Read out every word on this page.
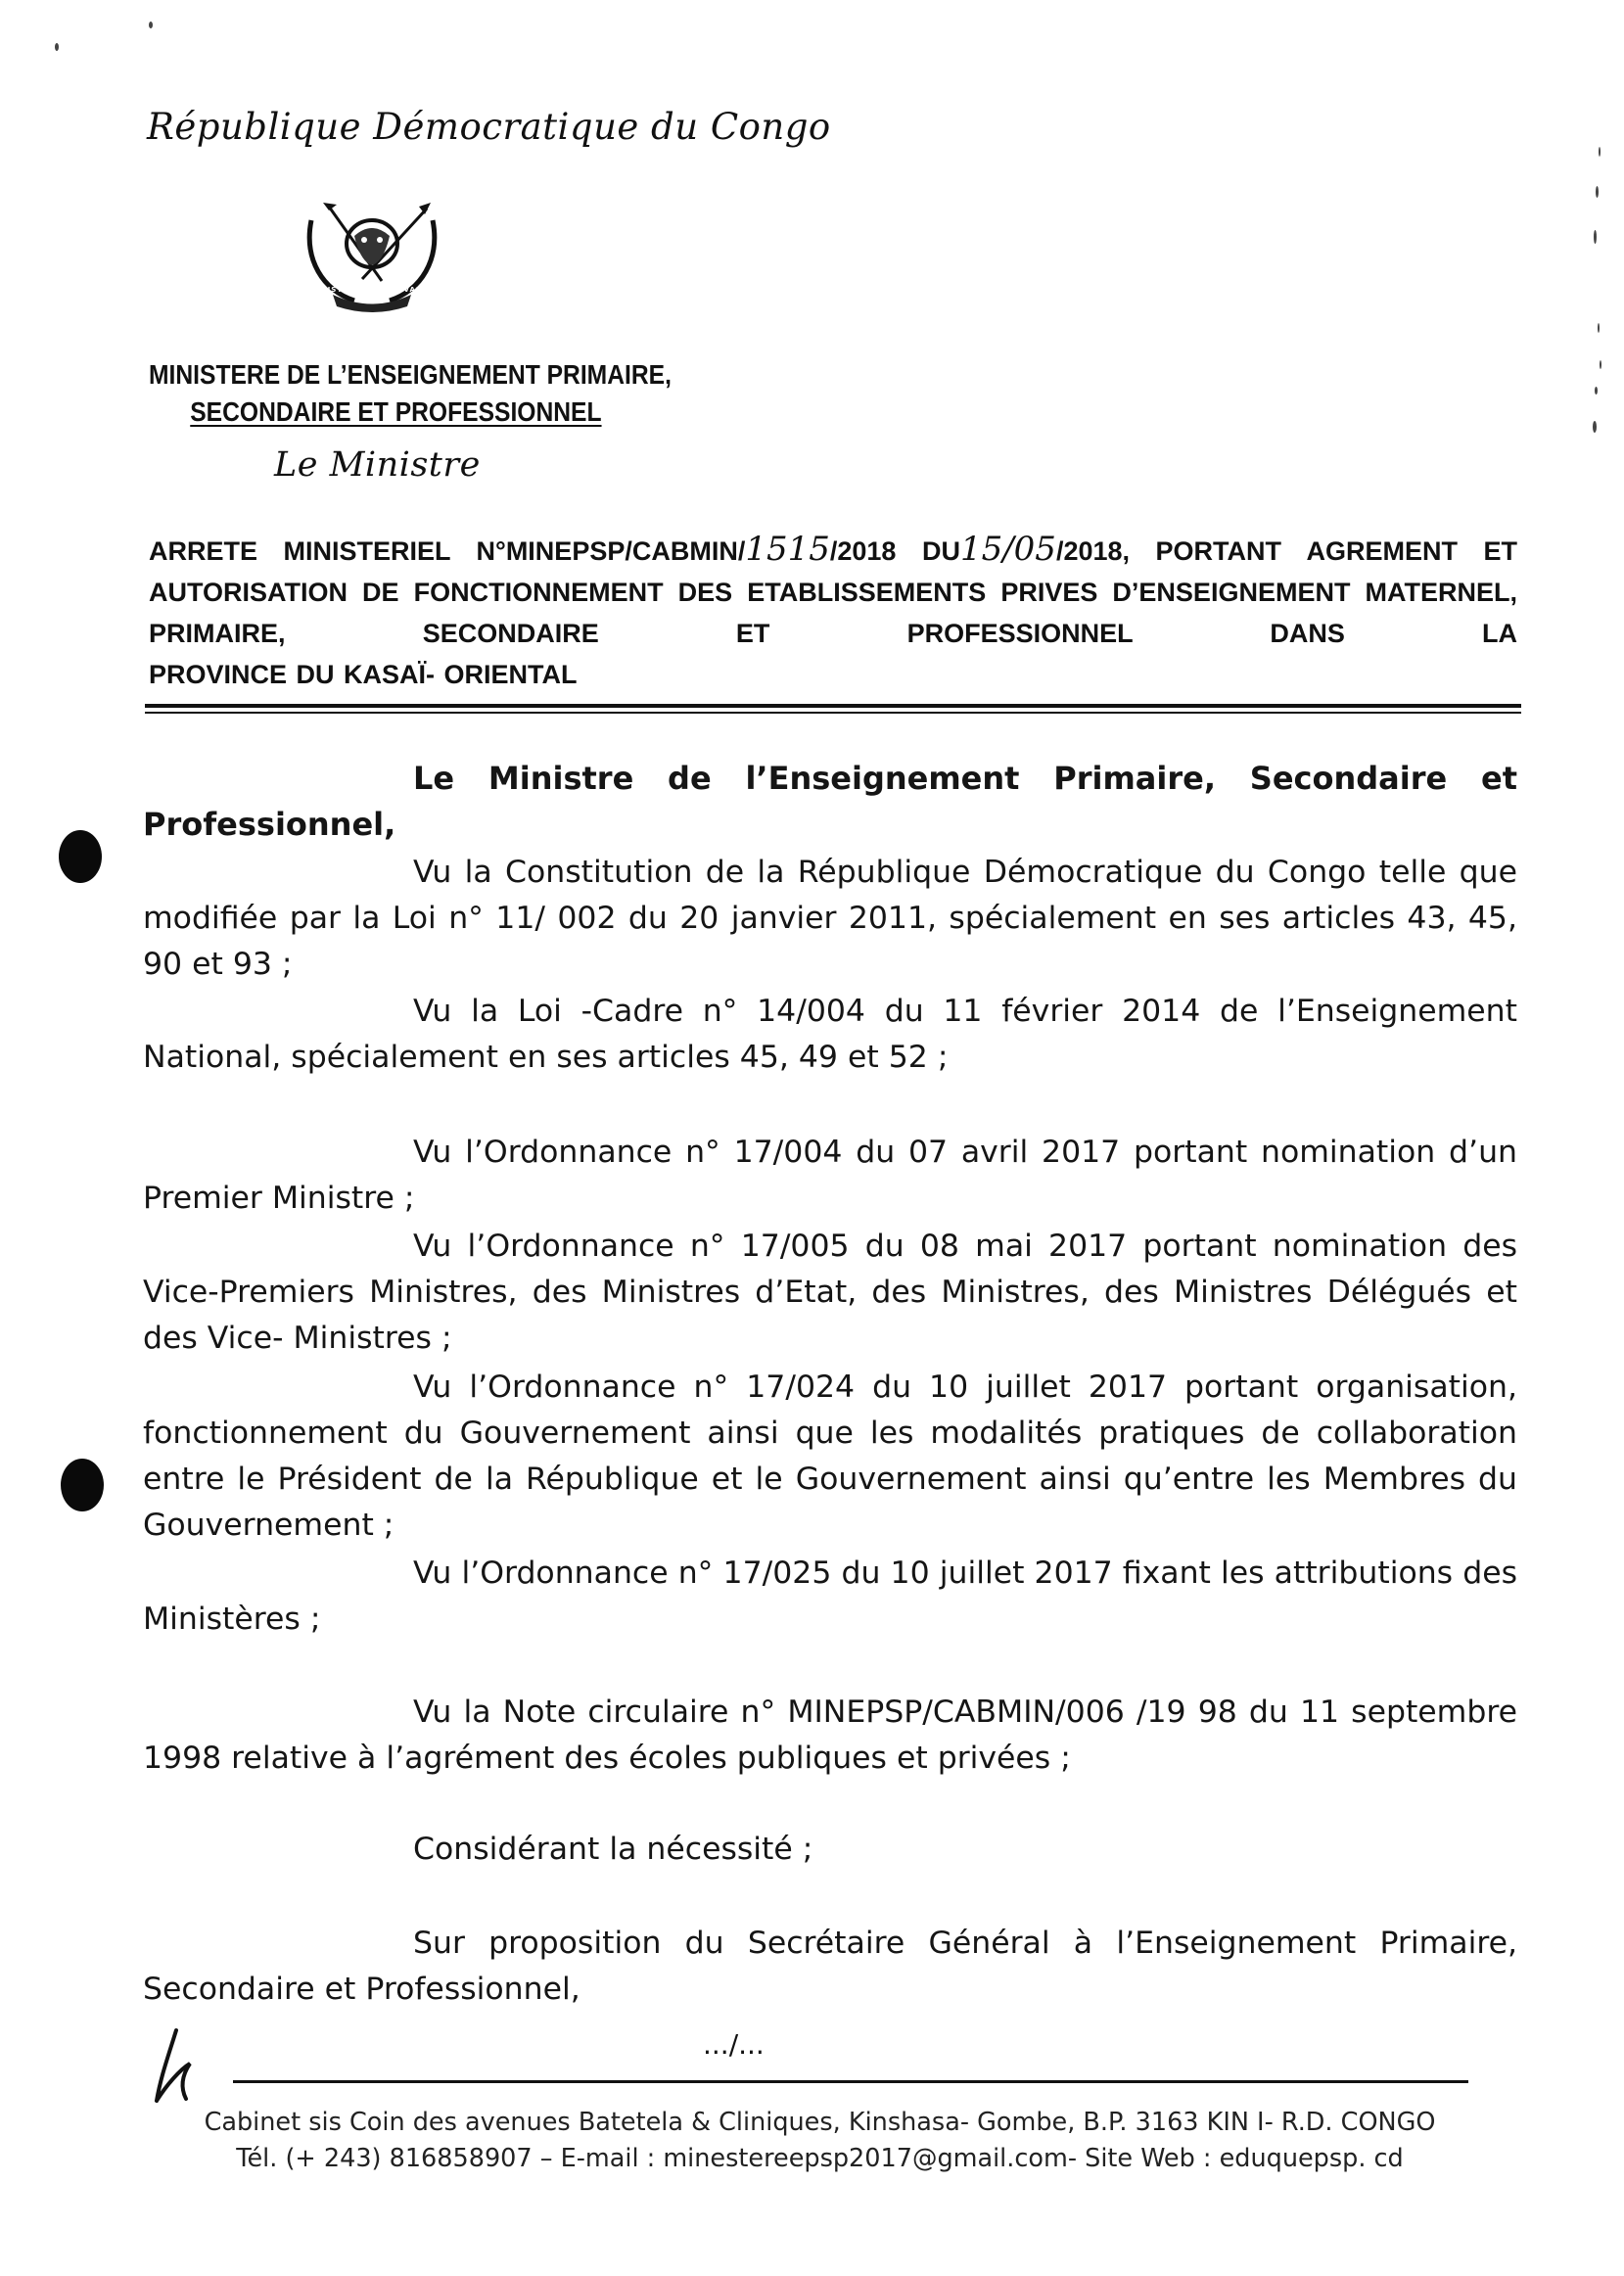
République Démocratique du Congo
JUSTICE PAIX TRAVAIL
MINISTERE DE L’ENSEIGNEMENT PRIMAIRE,
SECONDAIRE ET PROFESSIONNEL
Le Ministre
ARRETE MINISTERIEL N°MINEPSP/CABMIN/1515/2018 DU15/05/2018, PORTANT AGREMENT ET AUTORISATION DE FONCTIONNEMENT DES ETABLISSEMENTS PRIVES D’ENSEIGNEMENT MATERNEL, PRIMAIRE, SECONDAIRE ET PROFESSIONNEL DANS LA
PROVINCE DU KASAÏ- ORIENTAL
Le Ministre de l’Enseignement Primaire, Secondaire et Professionnel,
Vu la Constitution de la République Démocratique du Congo telle que modifiée par la Loi n° 11/ 002 du 20 janvier 2011, spécialement en ses articles 43, 45, 90 et 93 ;
Vu la Loi -Cadre n° 14/004 du 11 février 2014 de l’Enseignement National, spécialement en ses articles 45, 49 et 52 ;
Vu l’Ordonnance n° 17/004 du 07 avril 2017 portant nomination d’un Premier Ministre ;
Vu l’Ordonnance n° 17/005 du 08 mai 2017 portant nomination des Vice-Premiers Ministres, des Ministres d’Etat, des Ministres, des Ministres Délégués et des Vice- Ministres ;
Vu l’Ordonnance n° 17/024 du 10 juillet 2017 portant organisation, fonctionnement du Gouvernement ainsi que les modalités pratiques de collaboration entre le Président de la République et le Gouvernement ainsi qu’entre les Membres du Gouvernement ;
Vu l’Ordonnance n° 17/025 du 10 juillet 2017 fixant les attributions des Ministères ;
Vu la Note circulaire n° MINEPSP/CABMIN/006 /19 98 du 11 septembre 1998 relative à l’agrément des écoles publiques et privées ;
Considérant la nécessité ;
Sur proposition du Secrétaire Général à l’Enseignement Primaire, Secondaire et Professionnel,
.../...
Cabinet sis Coin des avenues Batetela & Cliniques, Kinshasa- Gombe, B.P. 3163 KIN I- R.D. CONGO
Tél. (+ 243) 816858907 – E-mail : minestereepsp2017@gmail.com- Site Web : eduquepsp. cd
